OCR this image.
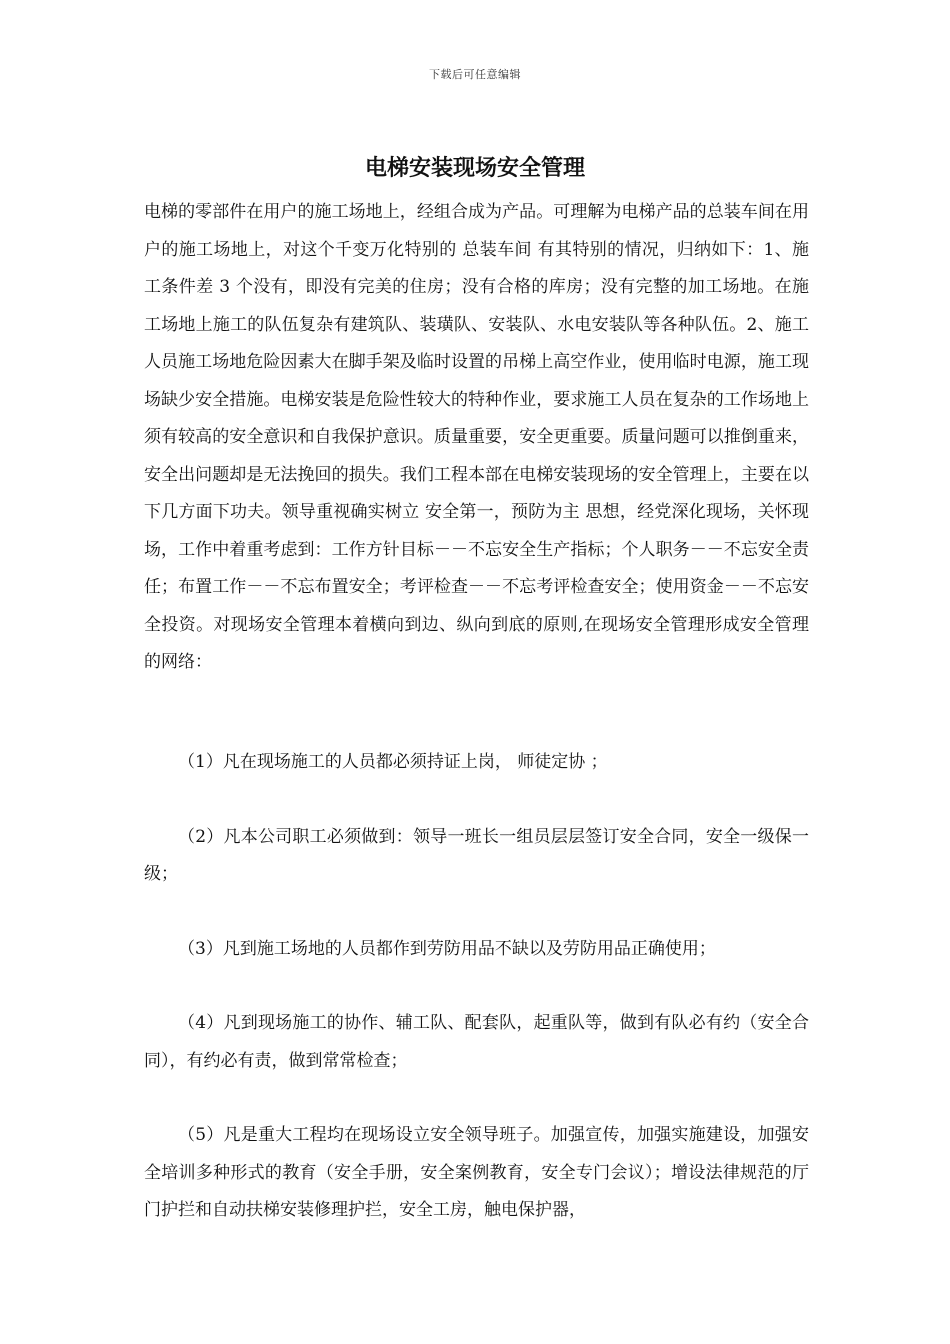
下载后可任意编辑
电梯安装现场安全管理

电梯的零部件在用户的施工场地上，经组合成为产品。可理解为电梯产品的总装车间在用户的施工场地上，对这个千变万化特别的 总装车间 有其特别的情况，归纳如下：1、施工条件差 3 个没有，即没有完美的住房；没有合格的库房；没有完整的加工场地。在施工场地上施工的队伍复杂有建筑队、装璜队、安装队、水电安装队等各种队伍。2、施工人员施工场地危险因素大在脚手架及临时设置的吊梯上高空作业，使用临时电源，施工现场缺少安全措施。电梯安装是危险性较大的特种作业，要求施工人员在复杂的工作场地上须有较高的安全意识和自我保护意识。质量重要，安全更重要。质量问题可以推倒重来，安全出问题却是无法挽回的损失。我们工程本部在电梯安装现场的安全管理上，主要在以下几方面下功夫。领导重视确实树立 安全第一，预防为主 思想，经党深化现场，关怀现场，工作中着重考虑到：工作方针目标－－不忘安全生产指标；个人职务－－不忘安全责任；布置工作－－不忘布置安全；考评检查－－不忘考评检查安全；使用资金－－不忘安全投资。对现场安全管理本着横向到边、纵向到底的原则,在现场安全管理形成安全管理的网络：

（1）凡在现场施工的人员都必须持证上岗， 师徒定协 ；
（2）凡本公司职工必须做到：领导一班长一组员层层签订安全合同，安全一级保一级；
（3）凡到施工场地的人员都作到劳防用品不缺以及劳防用品正确使用；
（4）凡到现场施工的协作、辅工队、配套队，起重队等，做到有队必有约（安全合同），有约必有责，做到常常检查；
（5）凡是重大工程均在现场设立安全领导班子。加强宣传，加强实施建设，加强安全培训多种形式的教育（安全手册，安全案例教育，安全专门会议）；增设法律规范的厅门护拦和自动扶梯安装修理护拦，安全工房，触电保护器，
